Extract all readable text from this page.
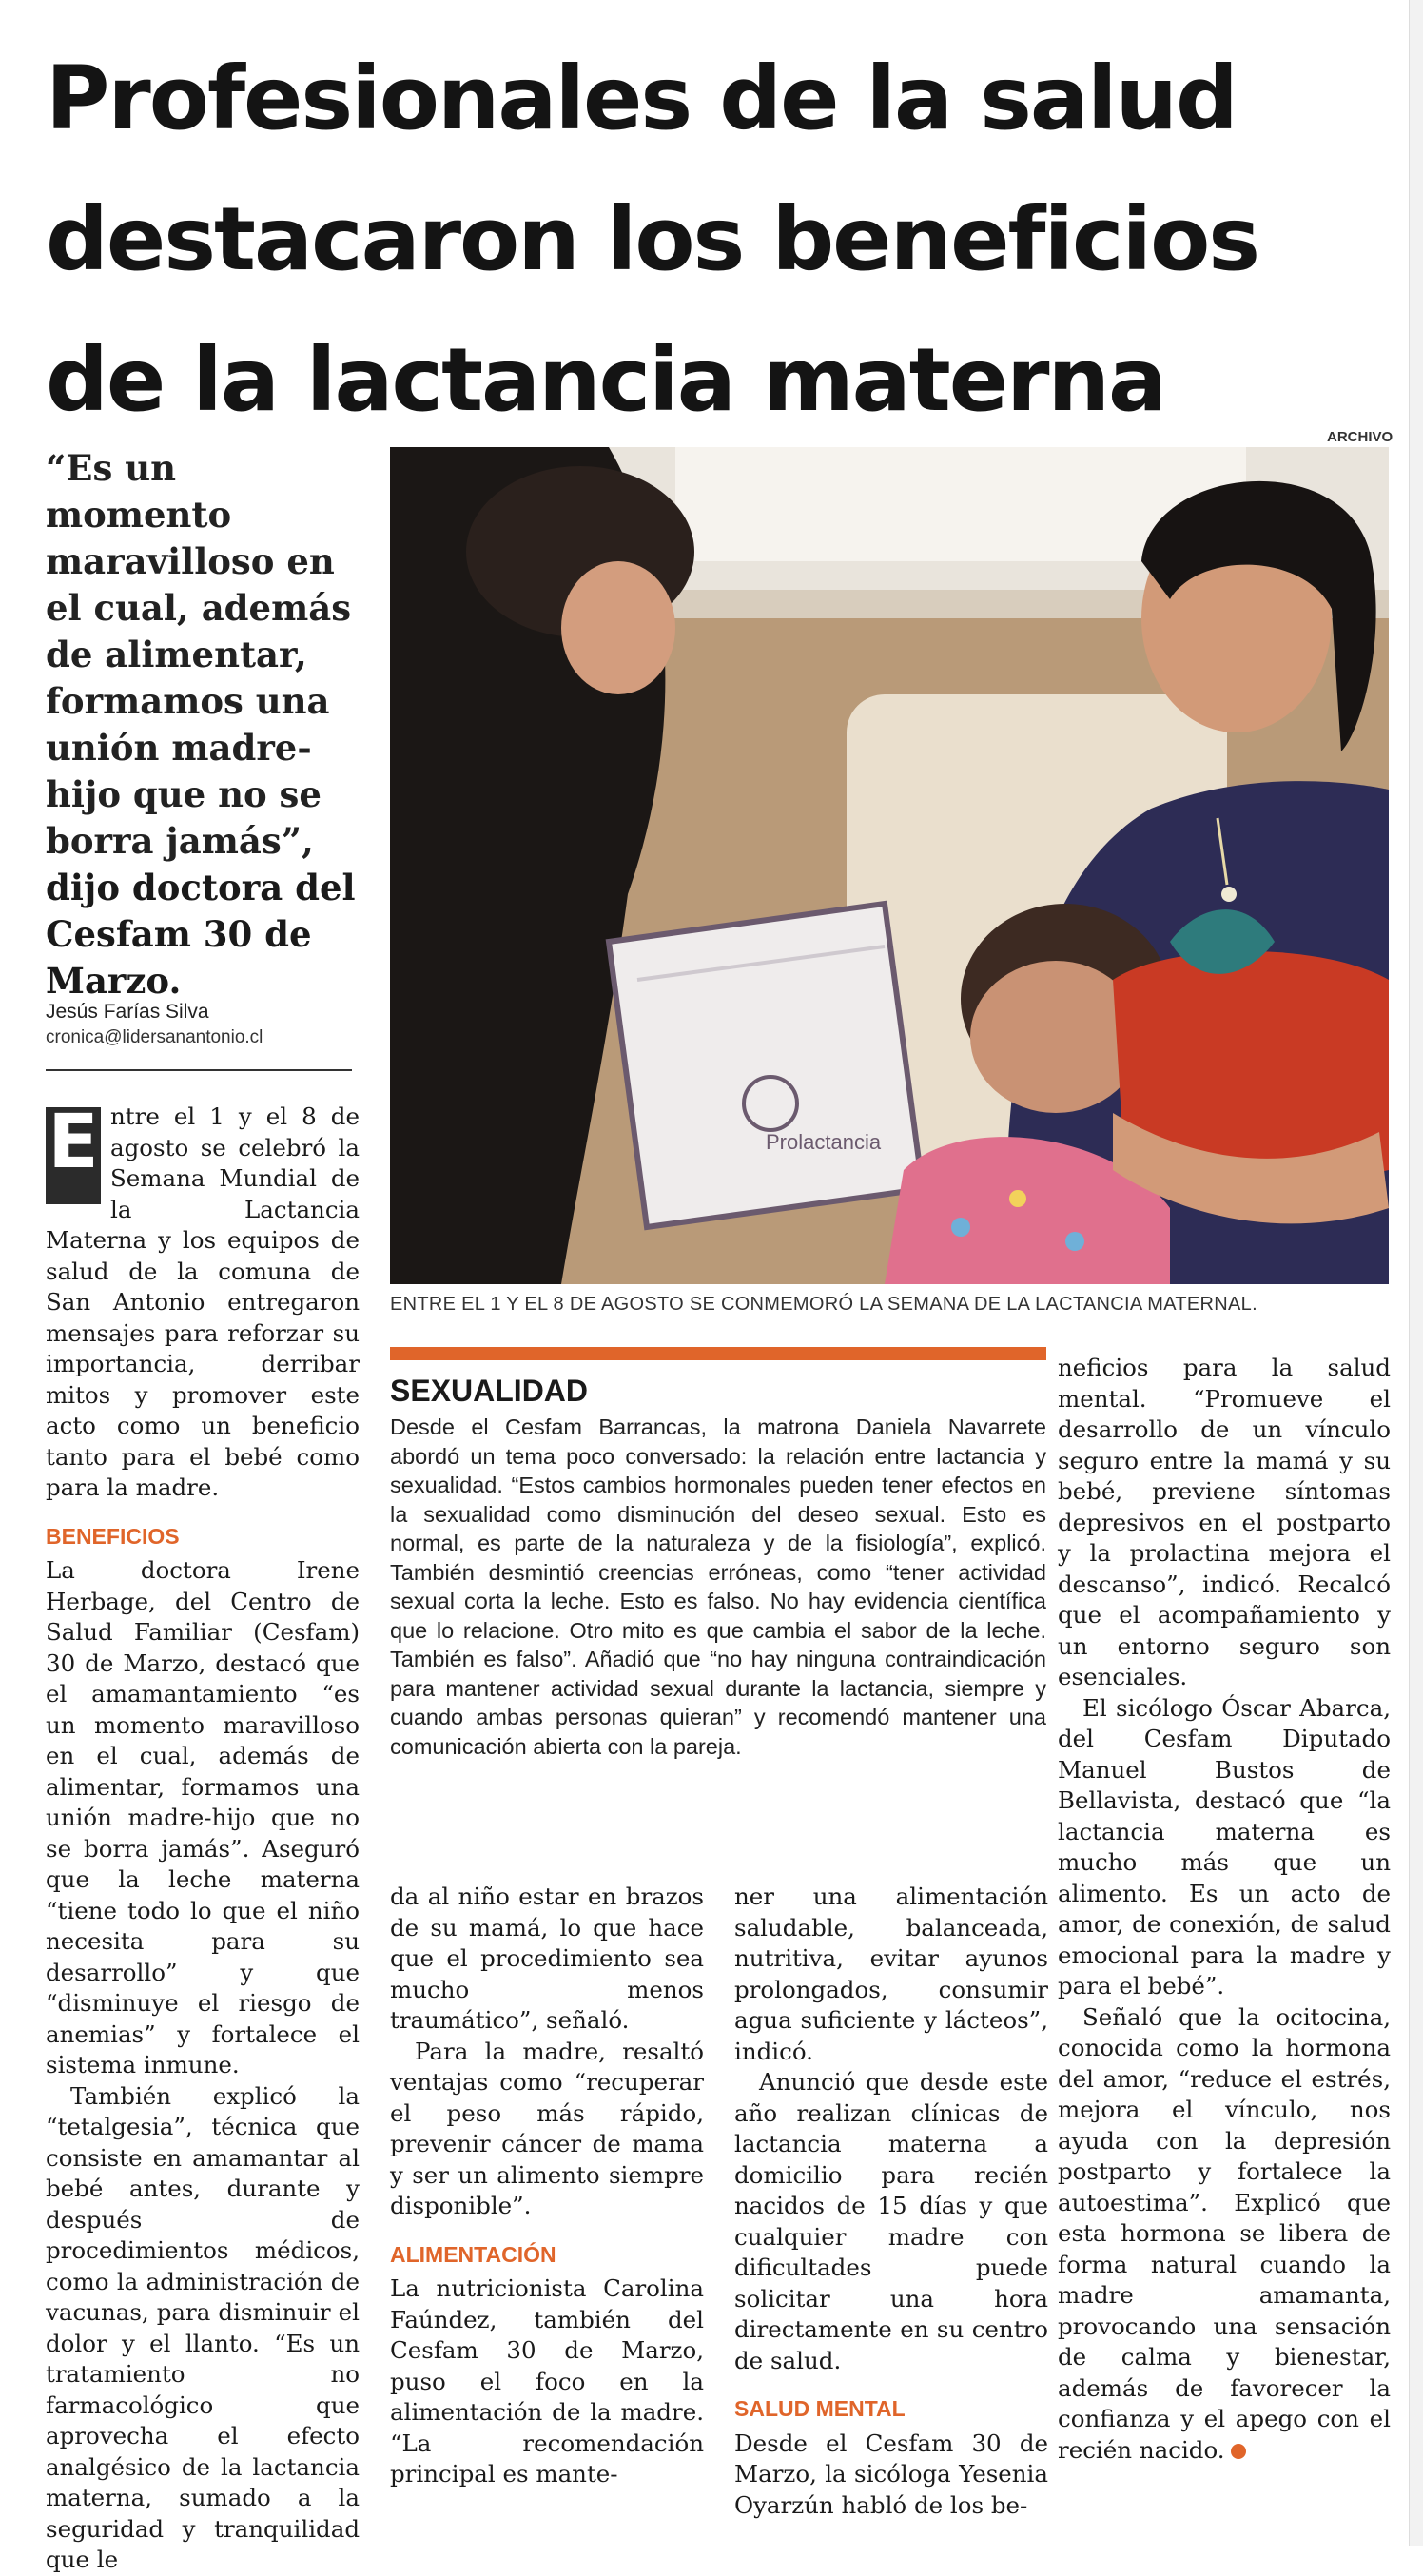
Profesionales de la salud
destacaron los beneficios
de la lactancia materna
“Es un momento maravilloso en el cual, además de alimentar, formamos una unión madre-hijo que no se borra jamás”, dijo doctora del Cesfam 30 de Marzo.
Jesús Farías Silva
cronica@lidersanantonio.cl
ARCHIVO
Prolactancia
ENTRE EL 1 Y EL 8 DE AGOSTO SE CONMEMORÓ LA SEMANA DE LA LACTANCIA MATERNAL.

E ntre el 1 y el 8 de agosto se celebró la Semana Mundial de la Lactancia Materna y los equipos de salud de la comuna de San Antonio entregaron mensajes para reforzar su importancia, derribar mitos y promover este acto como un beneficio tanto para el bebé como para la madre.

BENEFICIOS

La doctora Irene Herbage, del Centro de Salud Familiar (Cesfam) 30 de Marzo, destacó que el amamantamiento “es un momento maravilloso en el cual, además de alimentar, formamos una unión madre-hijo que no se borra jamás”. Aseguró que la leche materna “tiene todo lo que el niño necesita para su desarrollo” y que “disminuye el riesgo de anemias” y fortalece el sistema inmune.

También explicó la “tetalgesia”, técnica que consiste en amamantar al bebé antes, durante y después de procedimientos médicos, como la administración de vacunas, para disminuir el dolor y el llanto. “Es un tratamiento no farmacológico que aprovecha el efecto analgésico de la lactancia materna, sumado a la seguridad y tranquilidad que le

SEXUALIDAD

Desde el Cesfam Barrancas, la matrona Daniela Navarrete abordó un tema poco conversado: la relación entre lactancia y sexualidad. “Estos cambios hormonales pueden tener efectos en la sexualidad como disminución del deseo sexual. Esto es normal, es parte de la naturaleza y de la fisiología”, explicó. También desmintió creencias erróneas, como “tener actividad sexual corta la leche. Esto es falso. No hay evidencia científica que lo relacione. Otro mito es que cambia el sabor de la leche. También es falso”. Añadió que “no hay ninguna contraindicación para mantener actividad sexual durante la lactancia, siempre y cuando ambas personas quieran” y recomendó mantener una comunicación abierta con la pareja.

da al niño estar en brazos de su mamá, lo que hace que el procedimiento sea mucho menos traumático”, señaló.

Para la madre, resaltó ventajas como “recuperar el peso más rápido, prevenir cáncer de mama y ser un alimento siempre disponible”.

ALIMENTACIÓN

La nutricionista Carolina Faúndez, también del Cesfam 30 de Marzo, puso el foco en la alimentación de la madre. “La recomendación principal es mante-

ner una alimentación saludable, balanceada, nutritiva, evitar ayunos prolongados, consumir agua suficiente y lácteos”, indicó.

Anunció que desde este año realizan clínicas de lactancia materna a domicilio para recién nacidos de 15 días y que cualquier madre con dificultades puede solicitar una hora directamente en su centro de salud.

SALUD MENTAL

Desde el Cesfam 30 de Marzo, la sicóloga Yesenia Oyarzún habló de los be-

neficios para la salud mental. “Promueve el desarrollo de un vínculo seguro entre la mamá y su bebé, previene síntomas depresivos en el postparto y la prolactina mejora el descanso”, indicó. Recalcó que el acompañamiento y un entorno seguro son esenciales.

El sicólogo Óscar Abarca, del Cesfam Diputado Manuel Bustos de Bellavista, destacó que “la lactancia materna es mucho más que un alimento. Es un acto de amor, de conexión, de salud emocional para la madre y para el bebé”.

Señaló que la ocitocina, conocida como la hormona del amor, “reduce el estrés, mejora el vínculo, nos ayuda con la depresión postparto y fortalece la autoestima”. Explicó que esta hormona se libera de forma natural cuando la madre amamanta, provocando una sensación de calma y bienestar, además de favorecer la confianza y el apego con el recién nacido.	✕
